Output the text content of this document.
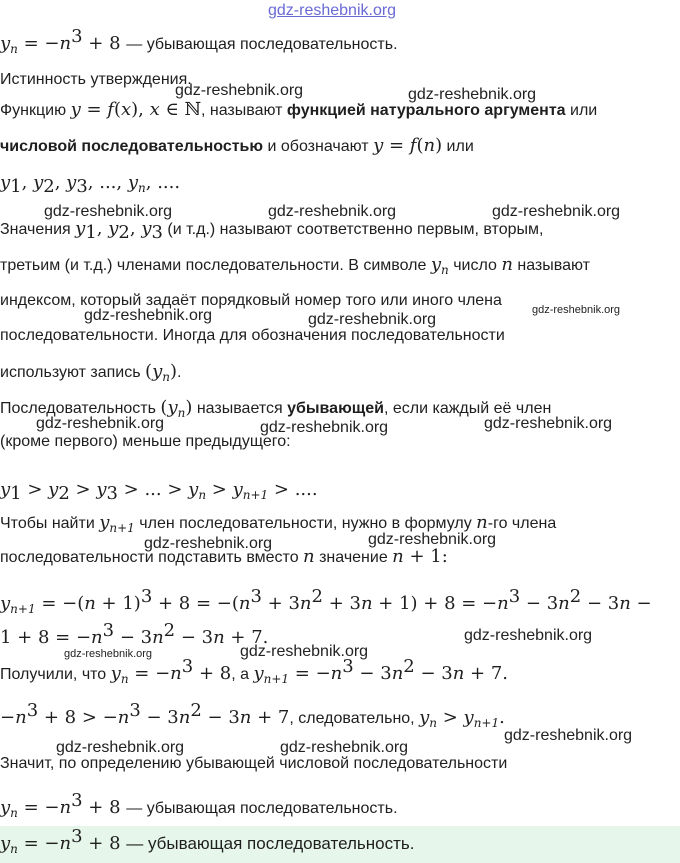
$y_n = -n^3 + 8$ — убывающая последовательность.
Истинность утверждения.
Функцию y = f(x), x ∈ ℕ, называют функцией натурального аргумента или
числовой последовательностью и обозначают y = f(n) или
$y_1$, $y_2$, $y_3$, ..., $y_n$, ....
Значения $y_1$, $y_2$, $y_3$ (и т.д.) называют соответственно первым, вторым,
третьим (и т.д.) членами последовательности. В символе $y_n$ число n называют
индексом, который задаёт порядковый номер того или иного члена
последовательности. Иногда для обозначения последовательности
используют запись $(y_n)$.
Последовательность $(y_n)$ называется убывающей, если каждый её член
(кроме первого) меньше предыдущего:
$y_1 > y_2 > y_3$ > ... > $y_n > y_{n+1}$ > ....
Чтобы найти $y_{n+1}$ член последовательности, нужно в формулу n-го члена
последовательности подставить вместо n значение n + 1:
$y_{n+1} = -(n + 1)^3 + 8 = -(n^3 + 3n^2 + 3n + 1) + 8 = -n^3 - 3n^2 - 3n$ −
$1 + 8 = -n^3 - 3n^2 - 3n + 7$.
Получили, что $y_n = -n^3 + 8$, а $y_{n+1} = -n^3 - 3n^2 - 3n + 7$.
$-n^3 + 8 > -n^3 - 3n^2 - 3n + 7$, следовательно, $y_n > y_{n+1}$.
Значит, по определению убывающей числовой последовательности
$y_n = -n^3 + 8$ — убывающая последовательность.
$y_n = -n^3 + 8$ — убывающая последовательность.
gdz-reshebnik.org
gdz-reshebnik.org	gdz-reshebnik.org
gdz-reshebnik.org	gdz-reshebnik.org	gdz-reshebnik.org
gdz-reshebnik.org	gdz-reshebnik.org
gdz-reshebnik.org
gdz-reshebnik.org	gdz-reshebnik.org	gdz-reshebnik.org
gdz-reshebnik.org	gdz-reshebnik.org
gdz-reshebnik.org
gdz-reshebnik.org	gdz-reshebnik.org
gdz-reshebnik.org	gdz-reshebnik.org
gdz-reshebnik.org
